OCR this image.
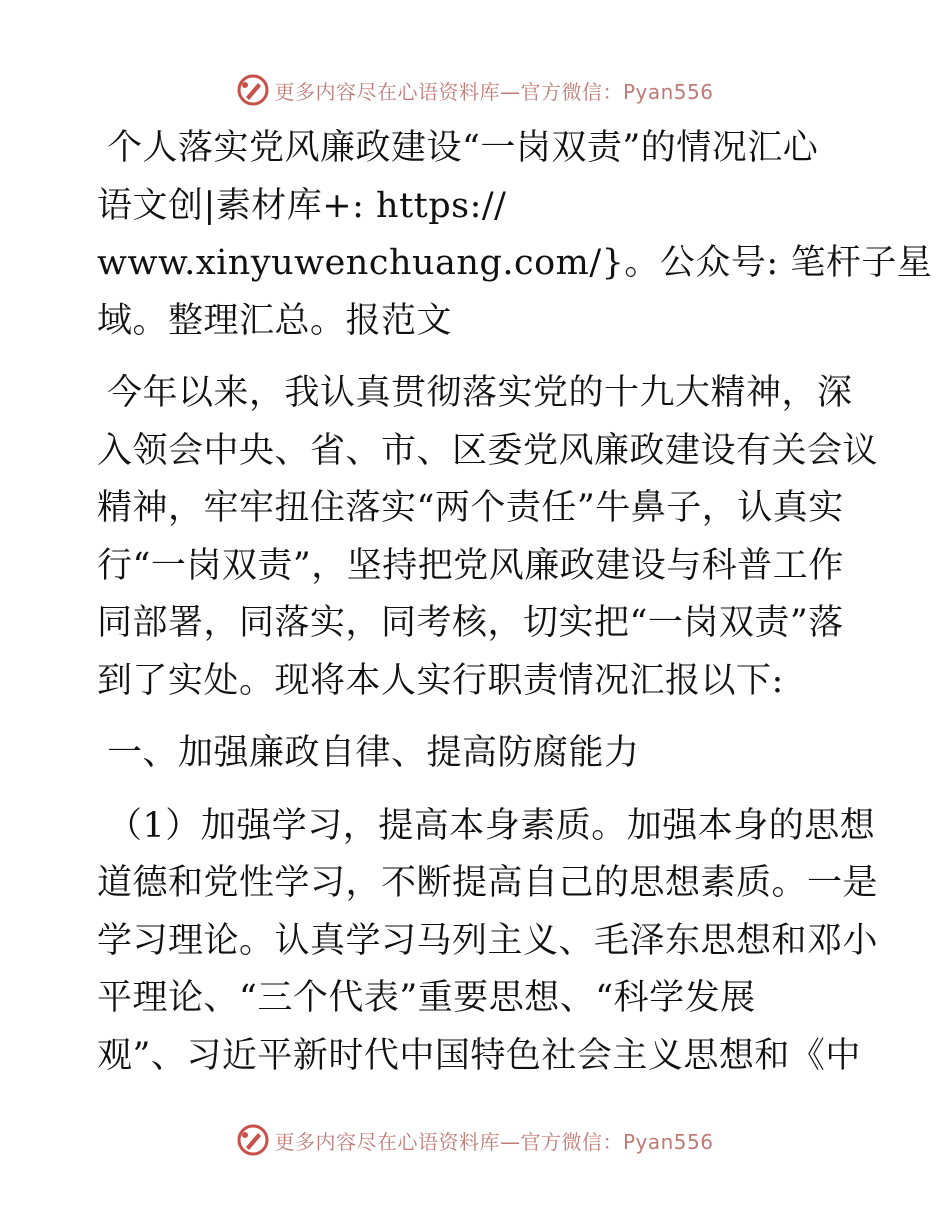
更多内容尽在心语资料库—官方微信：Pyan556
个人落实党风廉政建设“一岗双责”的情况汇心
语文创|素材库+: https://
www.xinyuwenchuang.com/}。公众号: 笔杆子星
域。整理汇总。报范文
今年以来，我认真贯彻落实党的十九大精神，深
入领会中央、省、市、区委党风廉政建设有关会议
精神，牢牢扭住落实“两个责任”牛鼻子，认真实
行“一岗双责”，坚持把党风廉政建设与科普工作
同部署，同落实，同考核，切实把“一岗双责”落
到了实处。现将本人实行职责情况汇报以下:
一、加强廉政自律、提高防腐能力
（1）加强学习，提高本身素质。加强本身的思想
道德和党性学习，不断提高自己的思想素质。一是
学习理论。认真学习马列主义、毛泽东思想和邓小
平理论、“三个代表”重要思想、“科学发展
观”、习近平新时代中国特色社会主义思想和《中
更多内容尽在心语资料库—官方微信：Pyan556
